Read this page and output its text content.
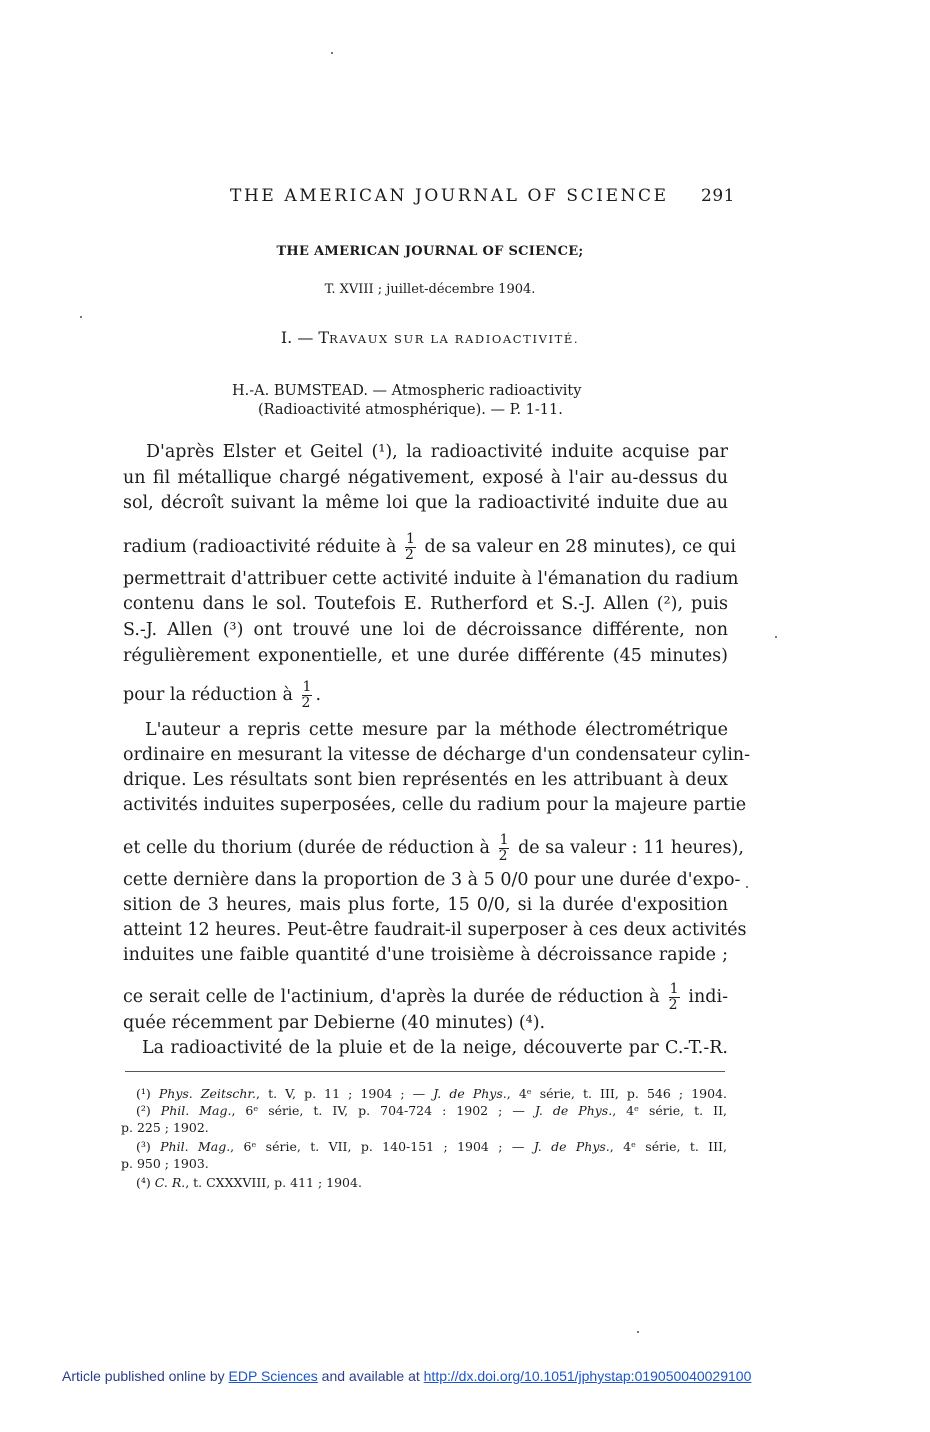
THE AMERICAN JOURNAL OF SCIENCE 291
THE AMERICAN JOURNAL OF SCIENCE;
T. XVIII ; juillet-décembre 1904.
I. — TRAVAUX SUR LA RADIOACTIVITÉ.
H.-A. BUMSTEAD. — Atmospheric radioactivity
(Radioactivité atmosphérique). — P. 1-11.
D'après Elster et Geitel (¹), la radioactivité induite acquise par
un fil métallique chargé négativement, exposé à l'air au-dessus du
sol, décroît suivant la même loi que la radioactivité induite due au
radium (radioactivité réduite à $\frac{1}{2}$ de sa valeur en 28 minutes), ce qui
permettrait d'attribuer cette activité induite à l'émanation du radium
contenu dans le sol. Toutefois E. Rutherford et S.-J. Allen (²), puis
S.-J. Allen (³) ont trouvé une loi de décroissance différente, non
régulièrement exponentielle, et une durée différente (45 minutes)
pour la réduction à $\frac{1}{2}$ .
L'auteur a repris cette mesure par la méthode électrométrique
ordinaire en mesurant la vitesse de décharge d'un condensateur cylin-
drique. Les résultats sont bien représentés en les attribuant à deux
activités induites superposées, celle du radium pour la majeure partie
et celle du thorium (durée de réduction à $\frac{1}{2}$ de sa valeur : 11 heures),
cette dernière dans la proportion de 3 à 5 0/0 pour une durée d'expo-
sition de 3 heures, mais plus forte, 15 0/0, si la durée d'exposition
atteint 12 heures. Peut-être faudrait-il superposer à ces deux activités
induites une faible quantité d'une troisième à décroissance rapide ;
ce serait celle de l'actinium, d'après la durée de réduction à $\frac{1}{2}$ indi-
quée récemment par Debierne (40 minutes) (⁴).
La radioactivité de la pluie et de la neige, découverte par C.-T.-R.
(¹) Phys. Zeitschr., t. V, p. 11 ; 1904 ; — J. de Phys., 4ᵉ série, t. III, p. 546 ; 1904.
(²) Phil. Mag., 6ᵉ série, t. IV, p. 704-724 : 1902 ; — J. de Phys., 4ᵉ série, t. II,
p. 225 ; 1902.
(³) Phil. Mag., 6ᵉ série, t. VII, p. 140-151 ; 1904 ; — J. de Phys., 4ᵉ série, t. III,
p. 950 ; 1903.
(⁴) C. R., t. CXXXVIII, p. 411 ; 1904.
Article published online by EDP Sciences and available at http://dx.doi.org/10.1051/jphystap:019050040029100
